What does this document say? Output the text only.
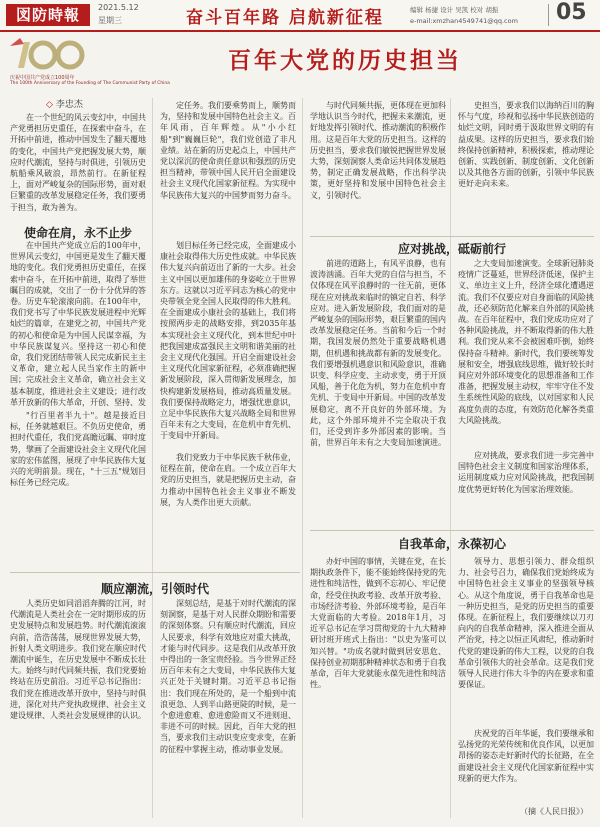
図防時報	2021.5.12
星期三	奋斗百年路 启航新征程	编辑 杨捷 设计 吴凯 校对 胡振
e-mail:xmzhan4549741@qq.com 05
庆祝中国共产党成立100周年
The 100th Anniversary of the Founding of The Communist Party of China
百年大党的历史担当
◇ 李忠杰
在一个世纪的风云变幻中，中国共产党勇担历史重任，在探索中奋斗，在开拓中前进，推动中国发生了翻天覆地的变化，中国共产党把握发展大势，顺应时代潮流，坚持与时俱进，引领历史航船乘风破浪，昂然前行。在新征程上，面对严峻复杂的国际形势，面对艰巨繁重的改革发展稳定任务，我们要勇于担当，敢为善为。
使命在肩，永不止步
在中国共产党成立后的100年中，世界风云变幻，中国更是发生了翻天覆地的变化。我们党勇担历史重任，在探索中奋斗，在开拓中前进，取得了举世瞩目的成就，交出了一份十分优异的答卷。历史车轮滚滚向前。在100年中，我们党书写了中华民族发展进程中光辉灿烂的篇章，在建党之初，中国共产党的初心和使命是为中国人民谋幸福，为中华民族谋复兴。坚持这一初心和使命，我们党团结带领人民完成新民主主义革命，建立起人民当家作主的新中国；完成社会主义革命，确立社会主义基本制度，推进社会主义建设；进行改革开放新的伟大革命，开创、坚持、发
"行百里者半九十"。越是接近目标，任务就越艰巨。不负历史使命，勇担时代重任，我们党高瞻远瞩、审时度势，擘画了全面建设社会主义现代化国家的宏伟蓝图，展现了中华民族伟大复兴的光明前景。现在，"十三五"规划目标任务已经完成。
顺应潮流，引领时代
人类历史如同滔滔奔腾的江河，时代潮流是人类社会在一定时期形成的历史发展特点和发展趋势。时代潮流滚滚向前，浩浩荡荡，展现世界发展大势，折射人类文明进步。我们党在顺应时代潮流中诞生，在历史发展中不断成长壮大。始终与时代同频共振，我们党要始终站在历史前沿。习近平总书记指出：我们党在推进改革开放中，坚持与时俱进，深化对共产党执政规律、社会主义建设规律、人类社会发展规律的认识。
定任务。我们要乘势而上，顺势而为，坚持和发展中国特色社会主义。百年风雨，百年辉煌。从"小小红船"到"巍巍巨轮"，我们党创造了非凡业绩。站在新的历史起点上，中国共产党以深沉的使命责任意识和强烈的历史担当精神，带领中国人民开启全面建设社会主义现代化国家新征程。为实现中华民族伟大复兴的中国梦而努力奋斗。
划目标任务已经完成，全面建成小康社会取得伟大历史性成就。中华民族伟大复兴向前迈出了新的一大步。社会主义中国以更加雄伟的身姿屹立于世界东方。这就以习近平同志为核心的党中央带领全党全国人民取得的伟大胜利。在全面建成小康社会的基础上，我们将按照两步走的战略安排，到2035年基本实现社会主义现代化，到本世纪中叶把我国建成富强民主文明和谐美丽的社会主义现代化强国。开启全面建设社会主义现代化国家新征程，必须准确把握新发展阶段，深入贯彻新发展理念，加快构建新发展格局，推动高质量发展。我们要保持战略定力，增强忧患意识，立足中华民族伟大复兴战略全局和世界百年未有之大变局，在危机中育先机、于变局中开新局。
我们党致力于中华民族千秋伟业，征程在前，使命在肩。一个成立百年大党的历史担当，就是把握历史主动，奋力推动中国特色社会主义事业不断发展，为人类作出更大贡献。
深刻总结，是基于对时代潮流的深刻洞察，是基于对人民群众期盼和需要的深刻体察。只有顺应时代潮流，回应人民要求，科学有效地应对重大挑战，才能与时代同步。这是我们从改革开放中得出的一条宝贵经验。当今世界正经历百年未有之大变局，中华民族伟大复兴正处于关键时期。习近平总书记指出：我们现在所处的，是一个船到中流浪更急、人到半山路更陡的时候，是一个愈进愈难、愈进愈险而又不进则退、非进不可的时候。因此，百年大党的担当，要求我们主动识变应变求变，在新的征程中掌握主动，推动事业发展。
与时代同频共振，更体现在更加科学地认识当今时代，把握未来潮流，更好地发挥引领时代、推动潮流的积极作用。这是百年大党的历史担当。这样的历史担当，要求我们敏锐把握世界发展大势，深刻洞察人类命运共同体发展趋势，制定正确发展战略，作出科学决策，更好坚持和发展中国特色社会主义，引领时代。
应对挑战，砥砺前行
前进的道路上，有风平浪静，也有波涛汹涌。百年大党的自信与担当，不仅体现在风平浪静时的一往无前，更体现在应对挑战来临时的镇定自若、科学应对。进入新发展阶段，我们面对的是严峻复杂的国际形势，艰巨繁重的国内改革发展稳定任务。当前和今后一个时期，我国发展仍然处于重要战略机遇期，但机遇和挑战都有新的发展变化。我们要增强机遇意识和风险意识，准确识变、科学应变、主动求变，勇于开顶风船，善于化危为机，努力在危机中育先机、于变局中开新局。中国的改革发展稳定，离不开良好的外部环境。为此，这个外部环境并不完全取决于我们，还受到许多外部因素的影响。当前，世界百年未有之大变局加速演进。
自我革命，永葆初心
办好中国的事情，关键在党，在长期执政条件下，能不能始终保持党的先进性和纯洁性，做到不忘初心、牢记使命，经受住执政考验、改革开放考验、市场经济考验、外部环境考验，是百年大党面临的大考验。2018年1月，习近平总书记在学习贯彻党的十九大精神研讨班开班式上指出："以史为鉴可以知兴替。"功成名就时做到居安思危、保持创业初期那种精神状态和勇于自我革命，百年大党就能永葆先进性和纯洁性。
史担当，要求我们以海纳百川的胸怀与气度，珍视和弘扬中华民族创造的灿烂文明，同时勇于汲取世界文明的有益成果。这样的历史担当，要求我们始终保持创新精神，积极探索，推动理论创新、实践创新、制度创新、文化创新以及其他各方面的创新，引领中华民族更好走向未来。
之大变局加速演变。全球新冠肺炎疫情广泛蔓延，世界经济低迷，保护主义、单边主义上升，经济全球化遭遇逆流。我们不仅要应对自身面临的风险挑战，还必须防范化解来自外部的风险挑战。在百年征程中，我们党成功应对了各种风险挑战，并不断取得新的伟大胜利。我们党从来不会被困难吓倒，始终保持奋斗精神。新时代，我们要统筹发展和安全，增强底线思维，做好较长时间应对外部环境变化的思想准备和工作准备，把握发展主动权，牢牢守住不发生系统性风险的底线，以对国家和人民高度负责的态度，有效防范化解各类重大风险挑战。
应对挑战，要求我们进一步完善中国特色社会主义制度和国家治理体系，运用制度威力应对风险挑战，把我国制度优势更好转化为国家治理效能。
领导力、思想引领力、群众组织力、社会号召力，确保我们党始终成为中国特色社会主义事业的坚强领导核心。从这个角度说，勇于自我革命也是一种历史担当，是党的历史担当的重要体现。在新征程上，我们要继续以刀刃向内的自我革命精神，深入推进全面从严治党，持之以恒正风肃纪，推动新时代党的建设新的伟大工程，以党的自我革命引领伟大的社会革命。这是我们党领导人民进行伟大斗争的内在要求和重要保证。
庆祝党的百年华诞，我们要继承和弘扬党的光荣传统和优良作风，以更加昂扬的姿态走好新时代的长征路，在全面建设社会主义现代化国家新征程中实现新的更大作为。
（摘《人民日报》）
